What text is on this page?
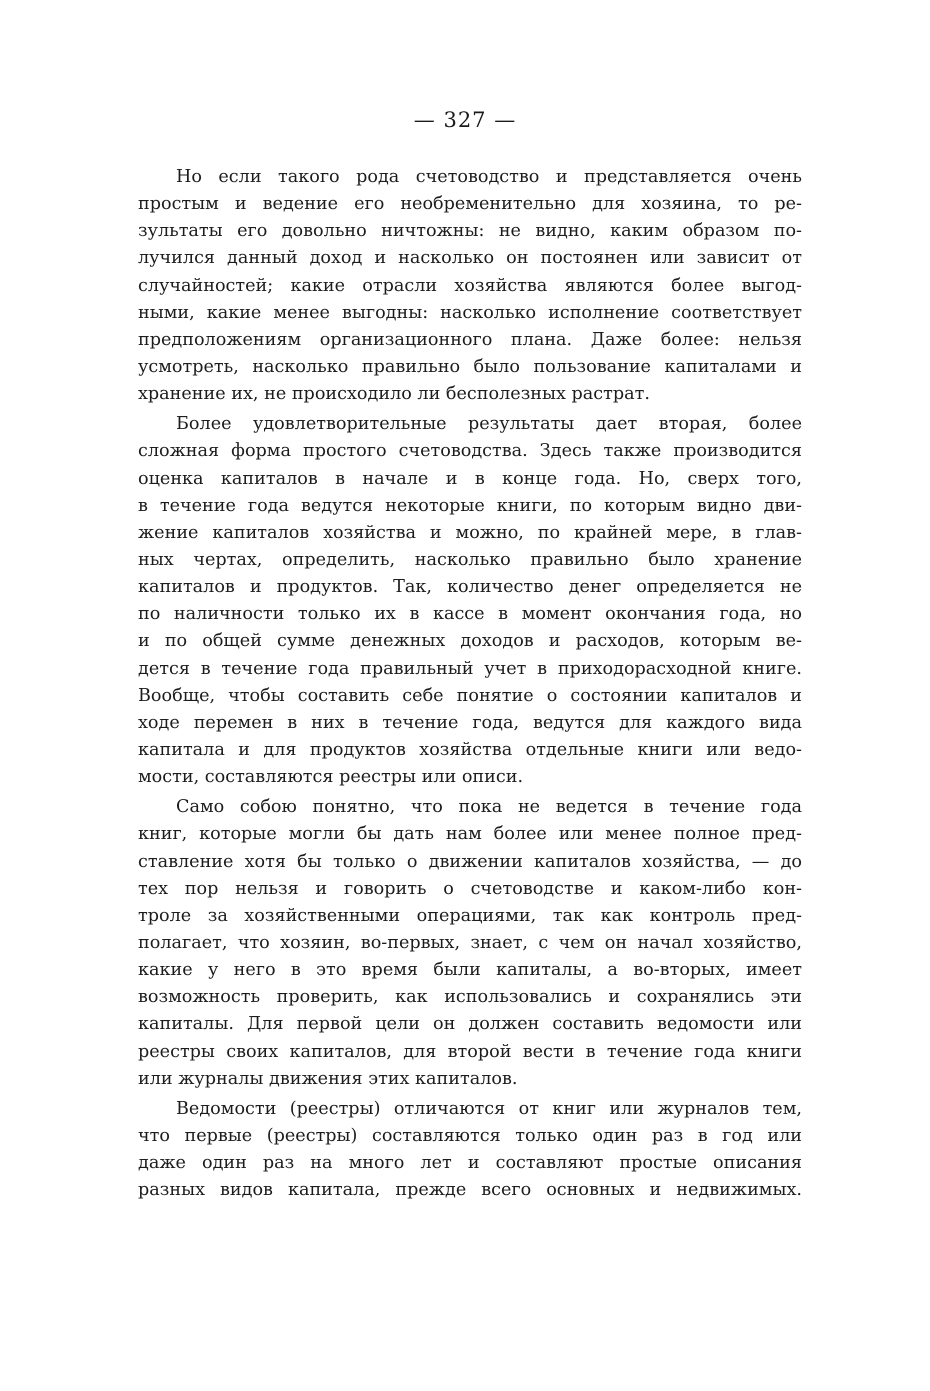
— 327 —
Но если такого рода счетоводство и представляется очень
простым и ведение его необременительно для хозяина, то ре-
зультаты его довольно ничтожны: не видно, каким образом по-
лучился данный доход и насколько он постоянен или зависит от
случайностей; какие отрасли хозяйства являются более выгод-
ными, какие менее выгодны: насколько исполнение соответствует
предположениям организационного плана. Даже более: нельзя
усмотреть, насколько правильно было пользование капиталами и
хранение их, не происходило ли бесполезных растрат.
Более удовлетворительные результаты дает вторая, более
сложная форма простого счетоводства. Здесь также производится
оценка капиталов в начале и в конце года. Но, сверх того,
в течение года ведутся некоторые книги, по которым видно дви-
жение капиталов хозяйства и можно, по крайней мере, в глав-
ных чертах, определить, насколько правильно было хранение
капиталов и продуктов. Так, количество денег определяется не
по наличности только их в кассе в момент окончания года, но
и по общей сумме денежных доходов и расходов, которым ве-
дется в течение года правильный учет в приходорасходной книге.
Вообще, чтобы составить себе понятие о состоянии капиталов и
ходе перемен в них в течение года, ведутся для каждого вида
капитала и для продуктов хозяйства отдельные книги или ведо-
мости, составляются реестры или описи.
Само собою понятно, что пока не ведется в течение года
книг, которые могли бы дать нам более или менее полное пред-
ставление хотя бы только о движении капиталов хозяйства, — до
тех пор нельзя и говорить о счетоводстве и каком-либо кон-
троле за хозяйственными операциями, так как контроль пред-
полагает, что хозяин, во-первых, знает, с чем он начал хозяйство,
какие у него в это время были капиталы, а во-вторых, имеет
возможность проверить, как использовались и сохранялись эти
капиталы. Для первой цели он должен составить ведомости или
реестры своих капиталов, для второй вести в течение года книги
или журналы движения этих капиталов.
Ведомости (реестры) отличаются от книг или журналов тем,
что первые (реестры) составляются только один раз в год или
даже один раз на много лет и составляют простые описания
разных видов капитала, прежде всего основных и недвижимых.
